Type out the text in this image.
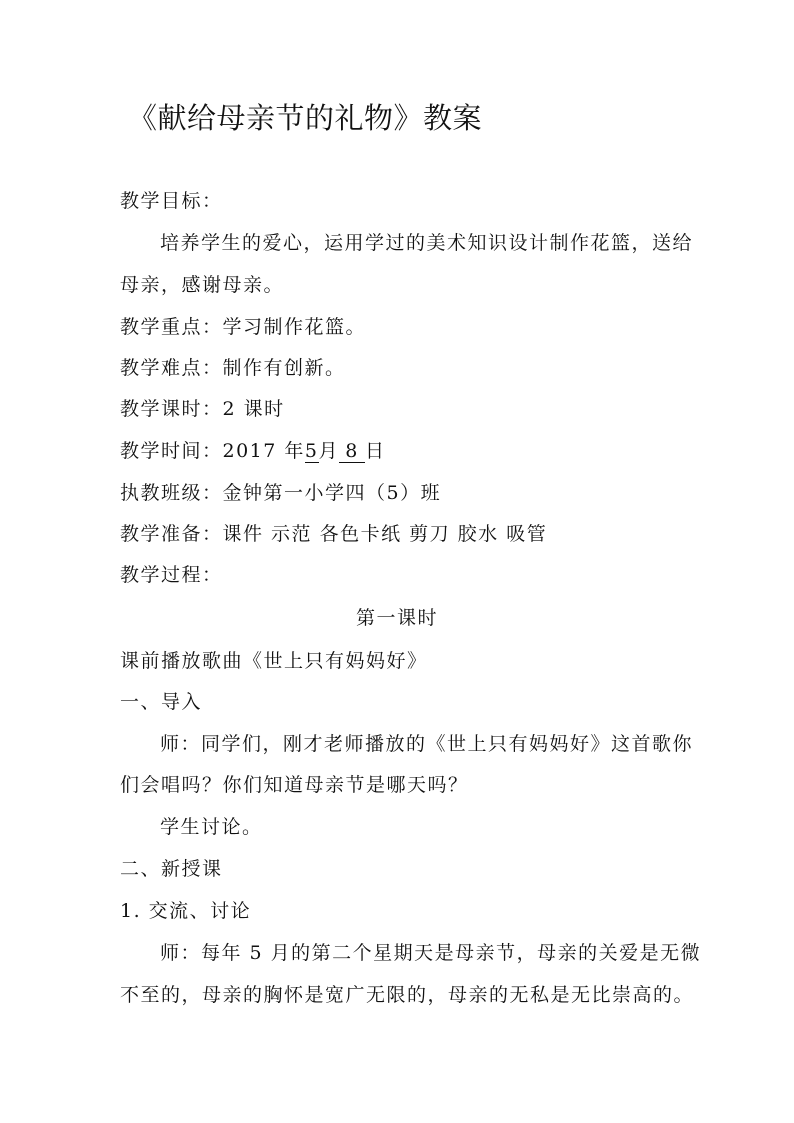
《献给母亲节的礼物》教案
教学目标：
培养学生的爱心，运用学过的美术知识设计制作花篮，送给
母亲，感谢母亲。
教学重点：学习制作花篮。
教学难点：制作有创新。
教学课时：2 课时
教学时间：2017 年5月 8 日
执教班级：金钟第一小学四（5）班
教学准备：课件 示范 各色卡纸 剪刀 胶水 吸管
教学过程：
第一课时
课前播放歌曲《世上只有妈妈好》
一、导入
师：同学们，刚才老师播放的《世上只有妈妈好》这首歌你
们会唱吗？你们知道母亲节是哪天吗？
学生讨论。
二、新授课
1. 交流、讨论
师：每年 5 月的第二个星期天是母亲节，母亲的关爱是无微
不至的，母亲的胸怀是宽广无限的，母亲的无私是无比崇高的。
